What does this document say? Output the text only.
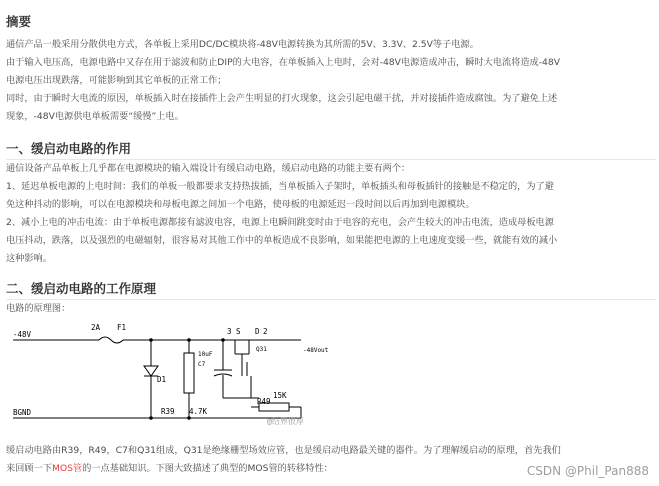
摘要
通信产品一般采用分散供电方式，各单板上采用DC/DC模块将-48V电源转换为其所需的5V、3.3V、2.5V等子电源。
由于输入电压高，电源电路中又存在用于滤波和防止DIP的大电容，在单板插入上电时，会对-48V电源造成冲击，瞬时大电流将造成-48V
电源电压出现跌落，可能影响到其它单板的正常工作；
同时，由于瞬时大电流的原因，单板插入时在接插件上会产生明显的打火现象，这会引起电磁干扰，并对接插件造成腐蚀。为了避免上述
现象，-48V电源供电单板需要“缓慢”上电。
一、缓启动电路的作用
通信设备产品单板上几乎都在电源模块的输入端设计有缓启动电路，缓启动电路的功能主要有两个：
1、延迟单板电源的上电时间：我们的单板一般都要求支持热拔插，当单板插入子架时，单板插头和母板插针的接触是不稳定的，为了避
免这种抖动的影响，可以在电源模块和母板电源之间加一个电路，使母板的电源延迟一段时间以后再加到电源模块。
2、减小上电的冲击电流：由于单板电源都接有滤波电容，电源上电瞬间跳变时由于电容的充电，会产生较大的冲击电流，造成母板电源
电压抖动，跌落，以及强烈的电磁辐射，很容易对其他工作中的单板造成不良影响，如果能把电源的上电速度变缓一些，就能有效的减小
这种影响。
二、缓启动电路的工作原理
电路的原理图：
-48V
BGND
-48Vout
2A F1
10uF
C7
D1
R39 4.7K
R49
15K
3 S D 2
Q31
@结界很厚
缓启动电路由R39，R49，C7和Q31组成，Q31是绝缘栅型场效应管，也是缓启动电路最关键的器件。为了理解缓启动的原理，首先我们
来回顾一下MOS管的一点基础知识。下图大致描述了典型的MOS管的转移特性：	CSDN @Phil_Pan888
